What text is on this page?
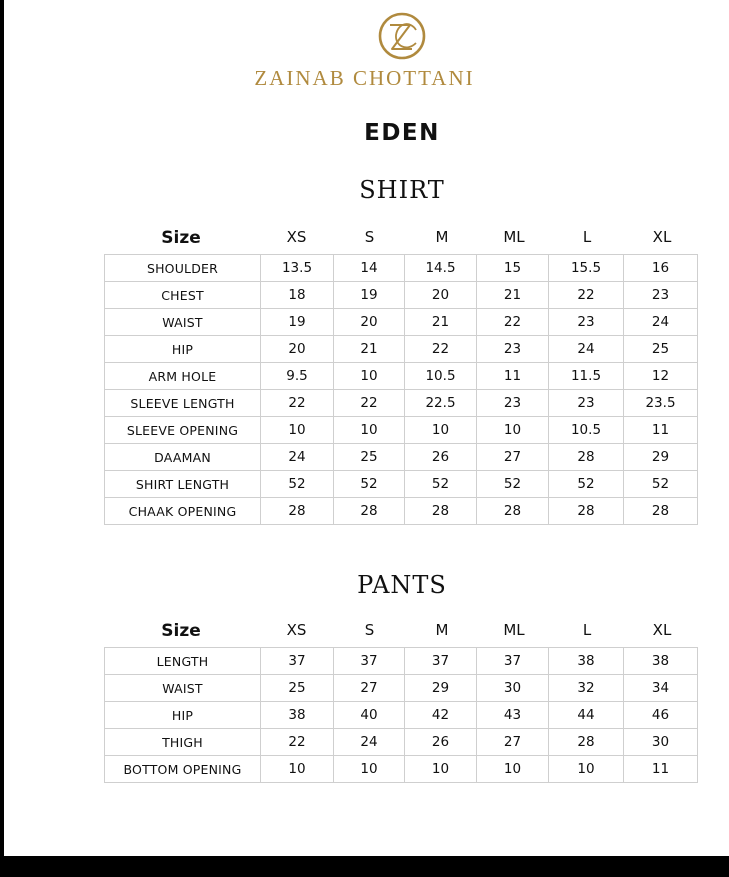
ZAINAB CHOTTANI
EDEN
SHIRT
Size	XS	S	M	ML	L	XL
SHOULDER	13.5	14	14.5	15	15.5	16
CHEST	18	19	20	21	22	23
WAIST	19	20	21	22	23	24
HIP	20	21	22	23	24	25
ARM HOLE	9.5	10	10.5	11	11.5	12
SLEEVE LENGTH	22	22	22.5	23	23	23.5
SLEEVE OPENING	10	10	10	10	10.5	11
DAAMAN	24	25	26	27	28	29
SHIRT LENGTH	52	52	52	52	52	52
CHAAK OPENING	28	28	28	28	28	28
PANTS
Size	XS	S	M	ML	L	XL
LENGTH	37	37	37	37	38	38
WAIST	25	27	29	30	32	34
HIP	38	40	42	43	44	46
THIGH	22	24	26	27	28	30
BOTTOM OPENING	10	10	10	10	10	11
